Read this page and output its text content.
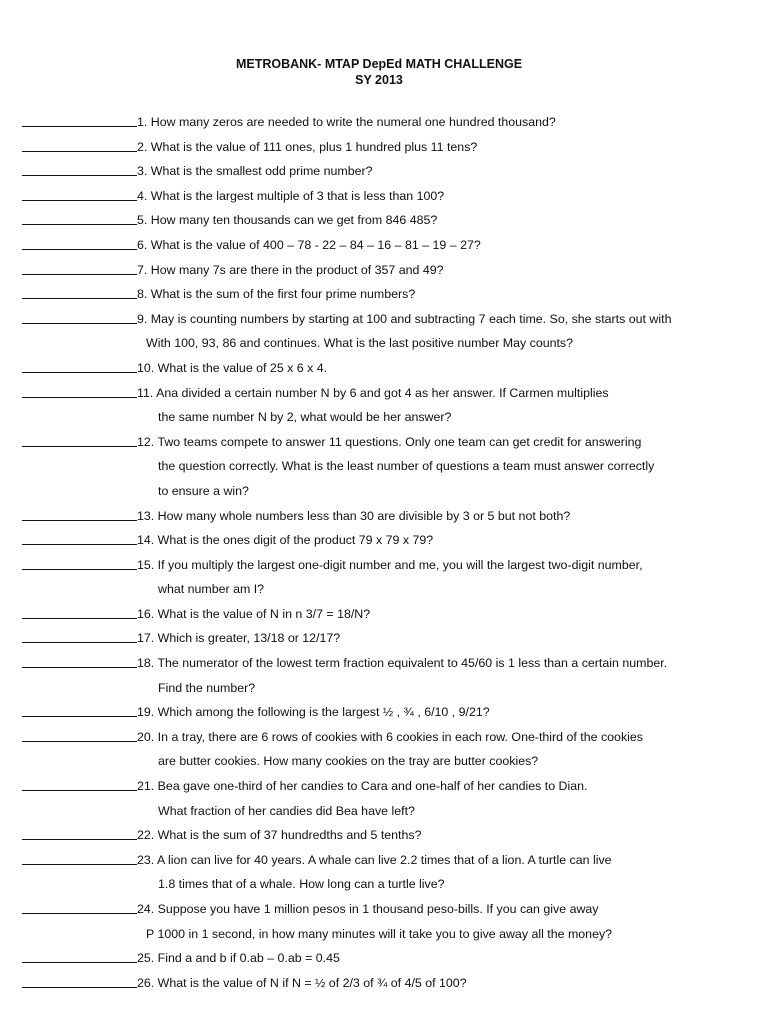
METROBANK- MTAP DepEd MATH CHALLENGE
SY 2013
1. How many zeros are needed to write the numeral one hundred thousand?
2. What is the value of 111 ones, plus 1 hundred plus 11 tens?
3. What is the smallest odd prime number?
4. What is the largest multiple of 3 that is less than 100?
5. How many ten thousands can we get from 846 485?
6. What is the value of 400 – 78 - 22 – 84 – 16 – 81 – 19 – 27?
7. How many 7s are there in the product of 357 and 49?
8. What is the sum of the first four prime numbers?
9. May is counting numbers by starting at 100 and subtracting 7 each time. So, she starts out with
With 100, 93, 86 and continues. What is the last positive number May counts?
10. What is the value of 25 x 6 x 4.
11. Ana divided a certain number N by 6 and got 4 as her answer. If Carmen multiplies
the same number N by 2, what would be her answer?
12. Two teams compete to answer 11 questions. Only one team can get credit for answering
the question correctly. What is the least number of questions a team must answer correctly
to ensure a win?
13. How many whole numbers less than 30 are divisible by 3 or 5 but not both?
14. What is the ones digit of the product 79 x 79 x 79?
15. If you multiply the largest one-digit number and me, you will the largest two-digit number,
what number am I?
16. What is the value of N in n 3/7 = 18/N?
17. Which is greater, 13/18 or 12/17?
18. The numerator of the lowest term fraction equivalent to 45/60 is 1 less than a certain number.
Find the number?
19. Which among the following is the largest ½ , ¾ , 6/10 , 9/21?
20. In a tray, there are 6 rows of cookies with 6 cookies in each row. One-third of the cookies
are butter cookies. How many cookies on the tray are butter cookies?
21. Bea gave one-third of her candies to Cara and one-half of her candies to Dian.
What fraction of her candies did Bea have left?
22. What is the sum of 37 hundredths and 5 tenths?
23. A lion can live for 40 years. A whale can live 2.2 times that of a lion. A turtle can live
1.8 times that of a whale. How long can a turtle live?
24. Suppose you have 1 million pesos in 1 thousand peso-bills. If you can give away
P 1000 in 1 second, in how many minutes will it take you to give away all the money?
25. Find a and b if 0.ab – 0.ab = 0.45
26. What is the value of N if N = ½ of 2/3 of ¾ of 4/5 of 100?
